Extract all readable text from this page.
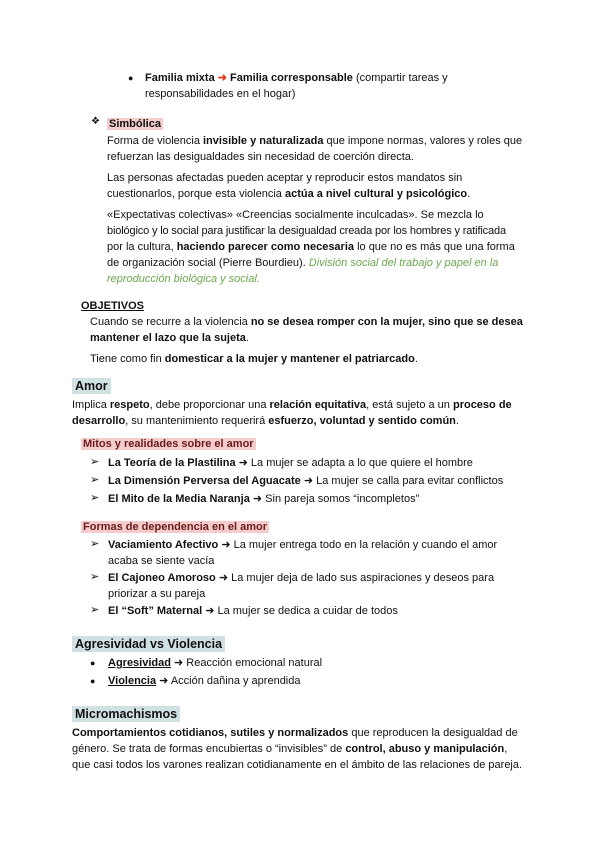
● Familia mixta ➜ Familia corresponsable (compartir tareas y

responsabilidades en el hogar)

❖ Simbólica

Forma de violencia invisible y naturalizada que impone normas, valores y roles que

refuerzan las desigualdades sin necesidad de coerción directa.

Las personas afectadas pueden aceptar y reproducir estos mandatos sin

cuestionarlos, porque esta violencia actúa a nivel cultural y psicológico.

«Expectativas colectivas» «Creencias socialmente inculcadas». Se mezcla lo

biológico y lo social para justificar la desigualdad creada por los hombres y ratificada

por la cultura, haciendo parecer como necesaria lo que no es más que una forma

de organización social (Pierre Bourdieu). División social del trabajo y papel en la

reproducción biológica y social.

OBJETIVOS

Cuando se recurre a la violencia no se desea romper con la mujer, sino que se desea

mantener el lazo que la sujeta.

Tiene como fin domesticar a la mujer y mantener el patriarcado.

Amor

Implica respeto, debe proporcionar una relación equitativa, está sujeto a un proceso de

desarrollo, su mantenimiento requerirá esfuerzo, voluntad y sentido común.

Mitos y realidades sobre el amor

➢ La Teoría de la Plastilina ➜ La mujer se adapta a lo que quiere el hombre

➢ La Dimensión Perversa del Aguacate ➜ La mujer se calla para evitar conflictos

➢ El Mito de la Media Naranja ➜ Sin pareja somos “incompletos”

Formas de dependencia en el amor

➢ Vaciamiento Afectivo ➜ La mujer entrega todo en la relación y cuando el amor

acaba se siente vacía

➢ El Cajoneo Amoroso ➜ La mujer deja de lado sus aspiraciones y deseos para

priorizar a su pareja

➢ El “Soft” Maternal ➜ La mujer se dedica a cuidar de todos

Agresividad vs Violencia

● Agresividad ➜ Reacción emocional natural

● Violencia ➜ Acción dañina y aprendida

Micromachismos

Comportamientos cotidianos, sutiles y normalizados que reproducen la desigualdad de

género. Se trata de formas encubiertas o “invisibles” de control, abuso y manipulación,

que casi todos los varones realizan cotidianamente en el ámbito de las relaciones de pareja.
